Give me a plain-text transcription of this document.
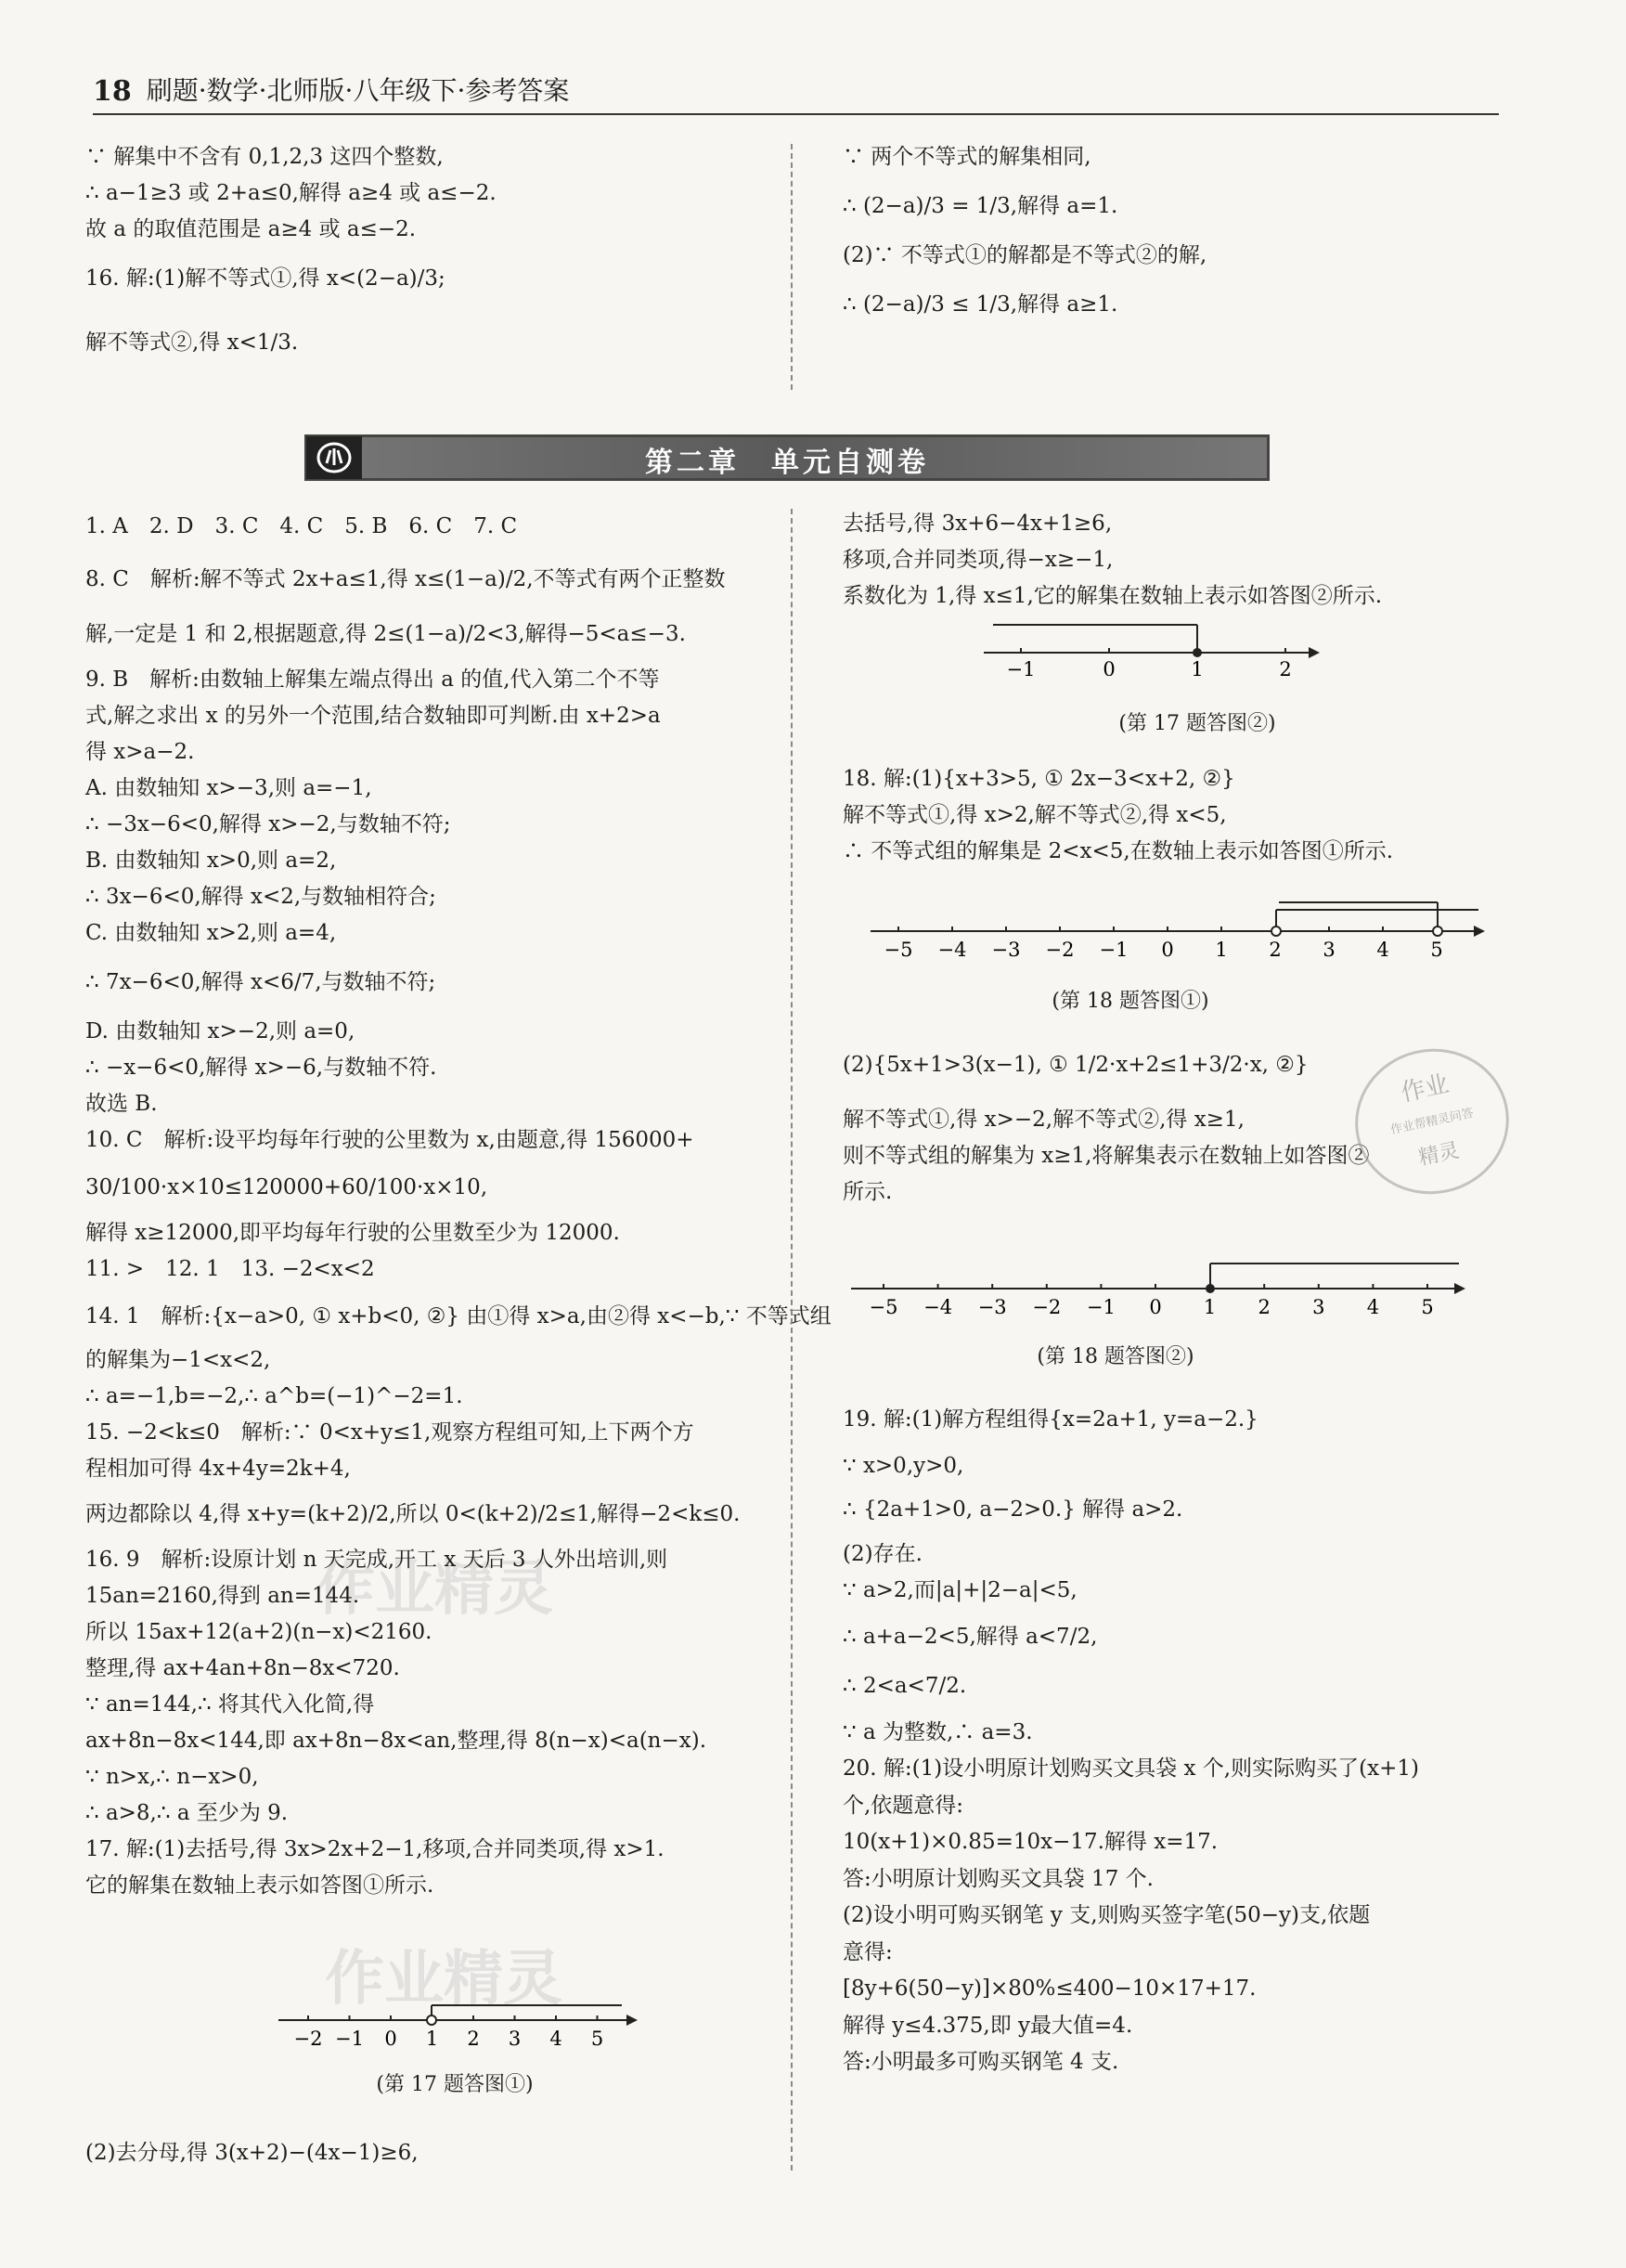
18 刷题·数学·北师版·八年级下·参考答案
∵ 解集中不含有 0,1,2,3 这四个整数,
∴ a−1≥3 或 2+a≤0,解得 a≥4 或 a≤−2.
故 a 的取值范围是 a≥4 或 a≤−2.
16. 解:(1)解不等式①,得 x<(2−a)/3;
解不等式②,得 x<1/3.
∵ 两个不等式的解集相同,
∴ (2−a)/3 = 1/3,解得 a=1.
(2)∵ 不等式①的解都是不等式②的解,
∴ (2−a)/3 ≤ 1/3,解得 a≥1.
第二章　单元自测卷
1. A　2. D　3. C　4. C　5. B　6. C　7. C
8. C　解析:解不等式 2x+a≤1,得 x≤(1−a)/2,不等式有两个正整数
解,一定是 1 和 2,根据题意,得 2≤(1−a)/2<3,解得−5<a≤−3.
9. B　解析:由数轴上解集左端点得出 a 的值,代入第二个不等
式,解之求出 x 的另外一个范围,结合数轴即可判断.由 x+2>a
得 x>a−2.
A. 由数轴知 x>−3,则 a=−1,
∴ −3x−6<0,解得 x>−2,与数轴不符;
B. 由数轴知 x>0,则 a=2,
∴ 3x−6<0,解得 x<2,与数轴相符合;
C. 由数轴知 x>2,则 a=4,
∴ 7x−6<0,解得 x<6/7,与数轴不符;
D. 由数轴知 x>−2,则 a=0,
∴ −x−6<0,解得 x>−6,与数轴不符.
故选 B.
10. C　解析:设平均每年行驶的公里数为 x,由题意,得 156000+
30/100·x×10≤120000+60/100·x×10,
解得 x≥12000,即平均每年行驶的公里数至少为 12000.
11. >　12. 1　13. −2<x<2
14. 1　解析:{x−a>0, ① x+b<0, ②} 由①得 x>a,由②得 x<−b,∵ 不等式组
的解集为−1<x<2,
∴ a=−1,b=−2,∴ a^b=(−1)^−2=1.
15. −2<k≤0　解析:∵ 0<x+y≤1,观察方程组可知,上下两个方
程相加可得 4x+4y=2k+4,
两边都除以 4,得 x+y=(k+2)/2,所以 0<(k+2)/2≤1,解得−2<k≤0.
16. 9　解析:设原计划 n 天完成,开工 x 天后 3 人外出培训,则
15an=2160,得到 an=144.
所以 15ax+12(a+2)(n−x)<2160.
整理,得 ax+4an+8n−8x<720.
∵ an=144,∴ 将其代入化简,得
ax+8n−8x<144,即 ax+8n−8x<an,整理,得 8(n−x)<a(n−x).
∵ n>x,∴ n−x>0,
∴ a>8,∴ a 至少为 9.
17. 解:(1)去括号,得 3x>2x+2−1,移项,合并同类项,得 x>1.
它的解集在数轴上表示如答图①所示.
−2 −1 0 1 2 3 4 5
(第 17 题答图①)
(2)去分母,得 3(x+2)−(4x−1)≥6,
去括号,得 3x+6−4x+1≥6,
移项,合并同类项,得−x≥−1,
系数化为 1,得 x≤1,它的解集在数轴上表示如答图②所示.
−1	0	1	2
(第 17 题答图②)
18. 解:(1){x+3>5, ① 2x−3<x+2, ②}
解不等式①,得 x>2,解不等式②,得 x<5,
∴ 不等式组的解集是 2<x<5,在数轴上表示如答图①所示.
−5 −4 −3 −2 −1 0 1 2 3 4 5
(第 18 题答图①)
(2){5x+1>3(x−1), ① 1/2·x+2≤1+3/2·x, ②}
解不等式①,得 x>−2,解不等式②,得 x≥1,
则不等式组的解集为 x≥1,将解集表示在数轴上如答图②
所示.
−5 −4 −3 −2 −1 0 1 2 3 4 5
(第 18 题答图②)
19. 解:(1)解方程组得{x=2a+1, y=a−2.}
∵ x>0,y>0,
∴ {2a+1>0, a−2>0.} 解得 a>2.
(2)存在.
∵ a>2,而|a|+|2−a|<5,
∴ a+a−2<5,解得 a<7/2,
∴ 2<a<7/2.
∵ a 为整数,∴ a=3.
20. 解:(1)设小明原计划购买文具袋 x 个,则实际购买了(x+1)
个,依题意得:
10(x+1)×0.85=10x−17.解得 x=17.
答:小明原计划购买文具袋 17 个.
(2)设小明可购买钢笔 y 支,则购买签字笔(50−y)支,依题
意得:
[8y+6(50−y)]×80%≤400−10×17+17.
解得 y≤4.375,即 y最大值=4.
答:小明最多可购买钢笔 4 支.
作业
作业帮精灵问答
精灵
作业精灵
作业精灵
